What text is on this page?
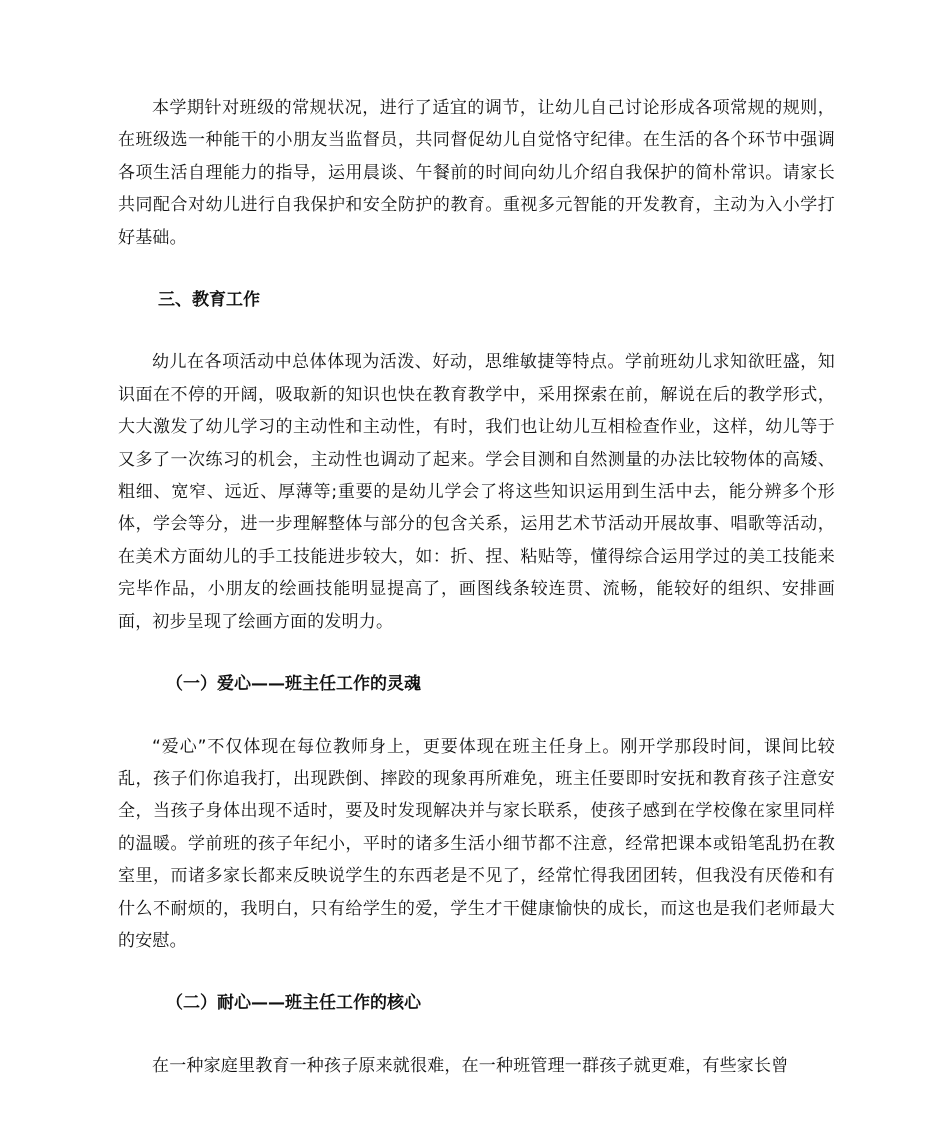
本学期针对班级的常规状况，进行了适宜的调节，让幼儿自己讨论形成各项常规的规则，在班级选一种能干的小朋友当监督员，共同督促幼儿自觉恪守纪律。在生活的各个环节中强调各项生活自理能力的指导，运用晨谈、午餐前的时间向幼儿介绍自我保护的简朴常识。请家长共同配合对幼儿进行自我保护和安全防护的教育。重视多元智能的开发教育，主动为入小学打好基础。

三、教育工作

幼儿在各项活动中总体体现为活泼、好动，思维敏捷等特点。学前班幼儿求知欲旺盛，知识面在不停的开阔，吸取新的知识也快在教育教学中，采用探索在前，解说在后的教学形式，大大激发了幼儿学习的主动性和主动性，有时，我们也让幼儿互相检查作业，这样，幼儿等于又多了一次练习的机会，主动性也调动了起来。学会目测和自然测量的办法比较物体的高矮、粗细、宽窄、远近、厚薄等;重要的是幼儿学会了将这些知识运用到生活中去，能分辨多个形体，学会等分，进一步理解整体与部分的包含关系，运用艺术节活动开展故事、唱歌等活动，在美术方面幼儿的手工技能进步较大，如：折、捏、粘贴等，懂得综合运用学过的美工技能来完毕作品，小朋友的绘画技能明显提高了，画图线条较连贯、流畅，能较好的组织、安排画面，初步呈现了绘画方面的发明力。

（一）爱心——班主任工作的灵魂

“爱心”不仅体现在每位教师身上，更要体现在班主任身上。刚开学那段时间，课间比较乱，孩子们你追我打，出现跌倒、摔跤的现象再所难免，班主任要即时安抚和教育孩子注意安全，当孩子身体出现不适时，要及时发现解决并与家长联系，使孩子感到在学校像在家里同样的温暖。学前班的孩子年纪小，平时的诸多生活小细节都不注意，经常把课本或铅笔乱扔在教室里，而诸多家长都来反映说学生的东西老是不见了，经常忙得我团团转，但我没有厌倦和有什么不耐烦的，我明白，只有给学生的爱，学生才干健康愉快的成长，而这也是我们老师最大的安慰。

（二）耐心——班主任工作的核心

在一种家庭里教育一种孩子原来就很难，在一种班管理一群孩子就更难，有些家长曾
